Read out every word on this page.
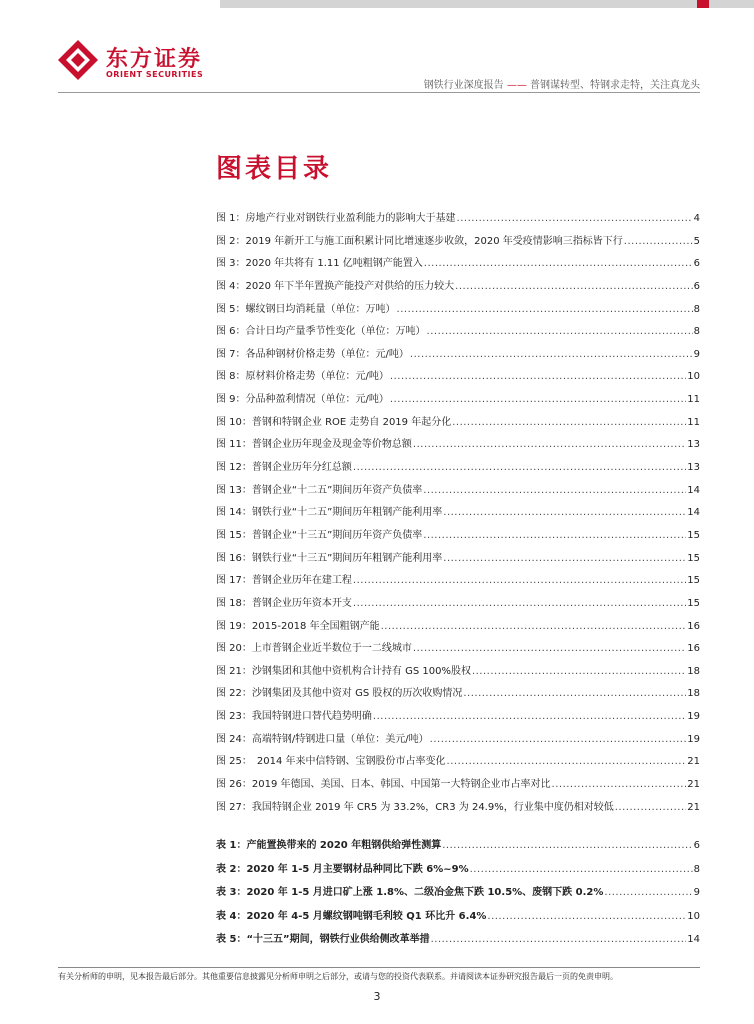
东方证券
ORIENT SECURITIES
钢铁行业深度报告 —— 普钢谋转型、特钢求走特，关注真龙头
图表目录
图 1：房地产行业对钢铁行业盈利能力的影响大于基建 .....	4
图 2：2019 年新开工与施工面积累计同比增速逐步收敛，2020 年受疫情影响三指标皆下行 .....	5
图 3：2020 年共将有 1.11 亿吨粗钢产能置入 .....	6
图 4：2020 年下半年置换产能投产对供给的压力较大 .....	6
图 5：螺纹钢日均消耗量（单位：万吨） .....	8
图 6：合计日均产量季节性变化（单位：万吨） .....	8
图 7：各品种钢材价格走势（单位：元/吨） .....	9
图 8：原材料价格走势（单位：元/吨） .....	10
图 9：分品种盈利情况（单位：元/吨） .....	11
图 10：普钢和特钢企业 ROE 走势自 2019 年起分化 .....	11
图 11：普钢企业历年现金及现金等价物总额 .....	13
图 12：普钢企业历年分红总额 .....	13
图 13：普钢企业“十二五”期间历年资产负债率 .....	14
图 14：钢铁行业“十二五”期间历年粗钢产能利用率 .....	14
图 15：普钢企业“十三五”期间历年资产负债率 .....	15
图 16：钢铁行业“十三五”期间历年粗钢产能利用率 .....	15
图 17：普钢企业历年在建工程 .....	15
图 18：普钢企业历年资本开支 .....	15
图 19：2015-2018 年全国粗钢产能 .....	16
图 20：上市普钢企业近半数位于一二线城市 .....	16
图 21：沙钢集团和其他中资机构合计持有 GS 100%股权 .....	18
图 22：沙钢集团及其他中资对 GS 股权的历次收购情况 .....	18
图 23：我国特钢进口替代趋势明确 .....	19
图 24：高端特钢/特钢进口量（单位：美元/吨） .....	19
图 25：　2014 年来中信特钢、宝钢股份市占率变化 .....	21
图 26：2019 年德国、美国、日本、韩国、中国第一大特钢企业市占率对比 .....	21
图 27：我国特钢企业 2019 年 CR5 为 33.2%，CR3 为 24.9%，行业集中度仍相对较低 .....	21
表 1：产能置换带来的 2020 年粗钢供给弹性测算 .....	6
表 2：2020 年 1-5 月主要钢材品种同比下跌 6%~9% .....	8
表 3：2020 年 1-5 月进口矿上涨 1.8%、二级冶金焦下跌 10.5%、废钢下跌 0.2% .....	9
表 4：2020 年 4-5 月螺纹钢吨钢毛利较 Q1 环比升 6.4% .....	10
表 5：“十三五”期间，钢铁行业供给侧改革举措 .....	14
有关分析师的申明，见本报告最后部分。其他重要信息披露见分析师申明之后部分，或请与您的投资代表联系。并请阅读本证券研究报告最后一页的免责申明。
3
